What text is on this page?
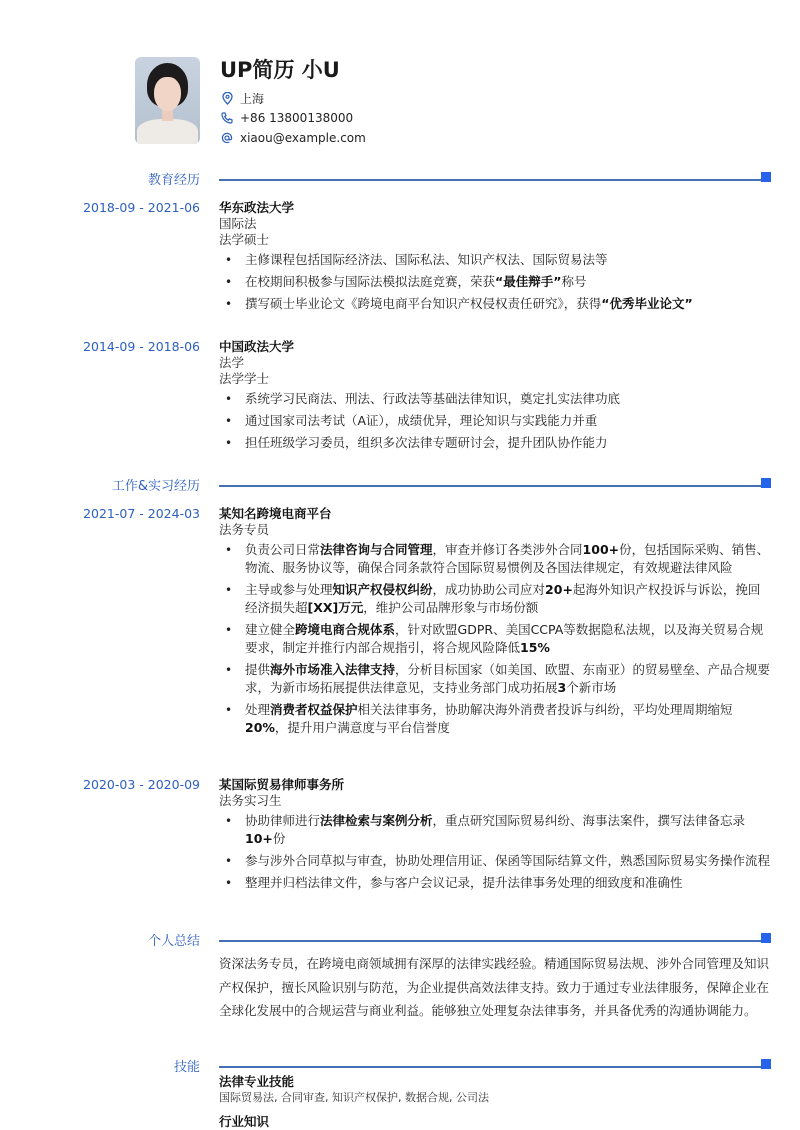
UP简历 小U
上海
+86 13800138000
xiaou@example.com
教育经历
2018-09 - 2021-06 华东政法大学
国际法
法学硕士
• 主修课程包括国际经济法、国际私法、知识产权法、国际贸易法等
• 在校期间积极参与国际法模拟法庭竞赛，荣获“最佳辩手”称号
• 撰写硕士毕业论文《跨境电商平台知识产权侵权责任研究》，获得“优秀毕业论文”
2014-09 - 2018-06 中国政法大学
法学
法学学士
• 系统学习民商法、刑法、行政法等基础法律知识，奠定扎实法律功底
• 通过国家司法考试（A证），成绩优异，理论知识与实践能力并重
• 担任班级学习委员，组织多次法律专题研讨会，提升团队协作能力
工作&实习经历
2021-07 - 2024-03 某知名跨境电商平台
法务专员
• 负责公司日常法律咨询与合同管理，审查并修订各类涉外合同100+份，包括国际采购、销售、物流、服务协议等，确保合同条款符合国际贸易惯例及各国法律规定，有效规避法律风险
• 主导或参与处理知识产权侵权纠纷，成功协助公司应对20+起海外知识产权投诉与诉讼，挽回经济损失超[XX]万元，维护公司品牌形象与市场份额
• 建立健全跨境电商合规体系，针对欧盟GDPR、美国CCPA等数据隐私法规，以及海关贸易合规要求，制定并推行内部合规指引，将合规风险降低15%
• 提供海外市场准入法律支持，分析目标国家（如美国、欧盟、东南亚）的贸易壁垒、产品合规要求，为新市场拓展提供法律意见，支持业务部门成功拓展3个新市场
• 处理消费者权益保护相关法律事务，协助解决海外消费者投诉与纠纷，平均处理周期缩短20%，提升用户满意度与平台信誉度
2020-03 - 2020-09 某国际贸易律师事务所
法务实习生
• 协助律师进行法律检索与案例分析，重点研究国际贸易纠纷、海事法案件，撰写法律备忘录10+份
• 参与涉外合同草拟与审查，协助处理信用证、保函等国际结算文件，熟悉国际贸易实务操作流程
• 整理并归档法律文件，参与客户会议记录，提升法律事务处理的细致度和准确性
个人总结
资深法务专员，在跨境电商领域拥有深厚的法律实践经验。精通国际贸易法规、涉外合同管理及知识产权保护，擅长风险识别与防范，为企业提供高效法律支持。致力于通过专业法律服务，保障企业在全球化发展中的合规运营与商业利益。能够独立处理复杂法律事务，并具备优秀的沟通协调能力。
技能
法律专业技能
国际贸易法, 合同审查, 知识产权保护, 数据合规, 公司法
行业知识
